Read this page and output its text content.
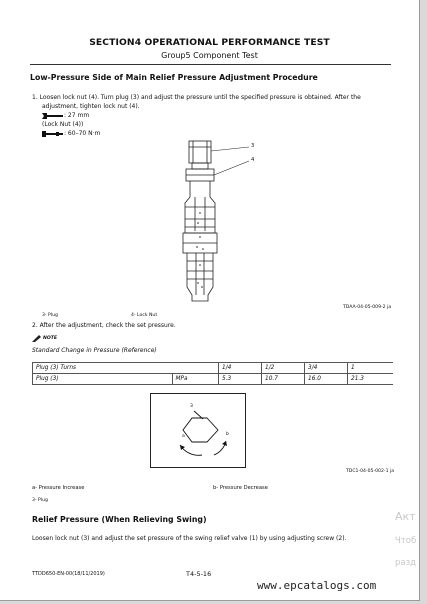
SECTION4 OPERATIONAL PERFORMANCE TEST
Group5 Component Test
Low-Pressure Side of Main Relief Pressure Adjustment Procedure
1. Loosen lock nut (4). Turn plug (3) and adjust the pressure until the specified pressure is obtained. After the
adjustment, tighten lock nut (4).
: 27 mm
(Lock Nut (4))
: 60–70 N·m
3
4
TDAA-04-05-009-2 ja
3- Plug	4- Lock Nut
2. After the adjustment, check the set pressure.
NOTE
Standard Change in Pressure (Reference)
Plug (3) Turns		1/4	1/2	3/4	1
Plug (3)	MPa	5.3	10.7	16.0	21.3
3
a	b
TDC1-04-05-002-1 ja
a- Pressure Increase	b- Pressure Decrease
3- Plug
Relief Pressure (When Relieving Swing)
Loosen lock nut (3) and adjust the set pressure of the swing relief valve (1) by using adjusting screw (2).
TTDD650-EN-00(18/11/2019)	T4-5-16
Акт
Чтоб
разд
www.epcatalogs.com
